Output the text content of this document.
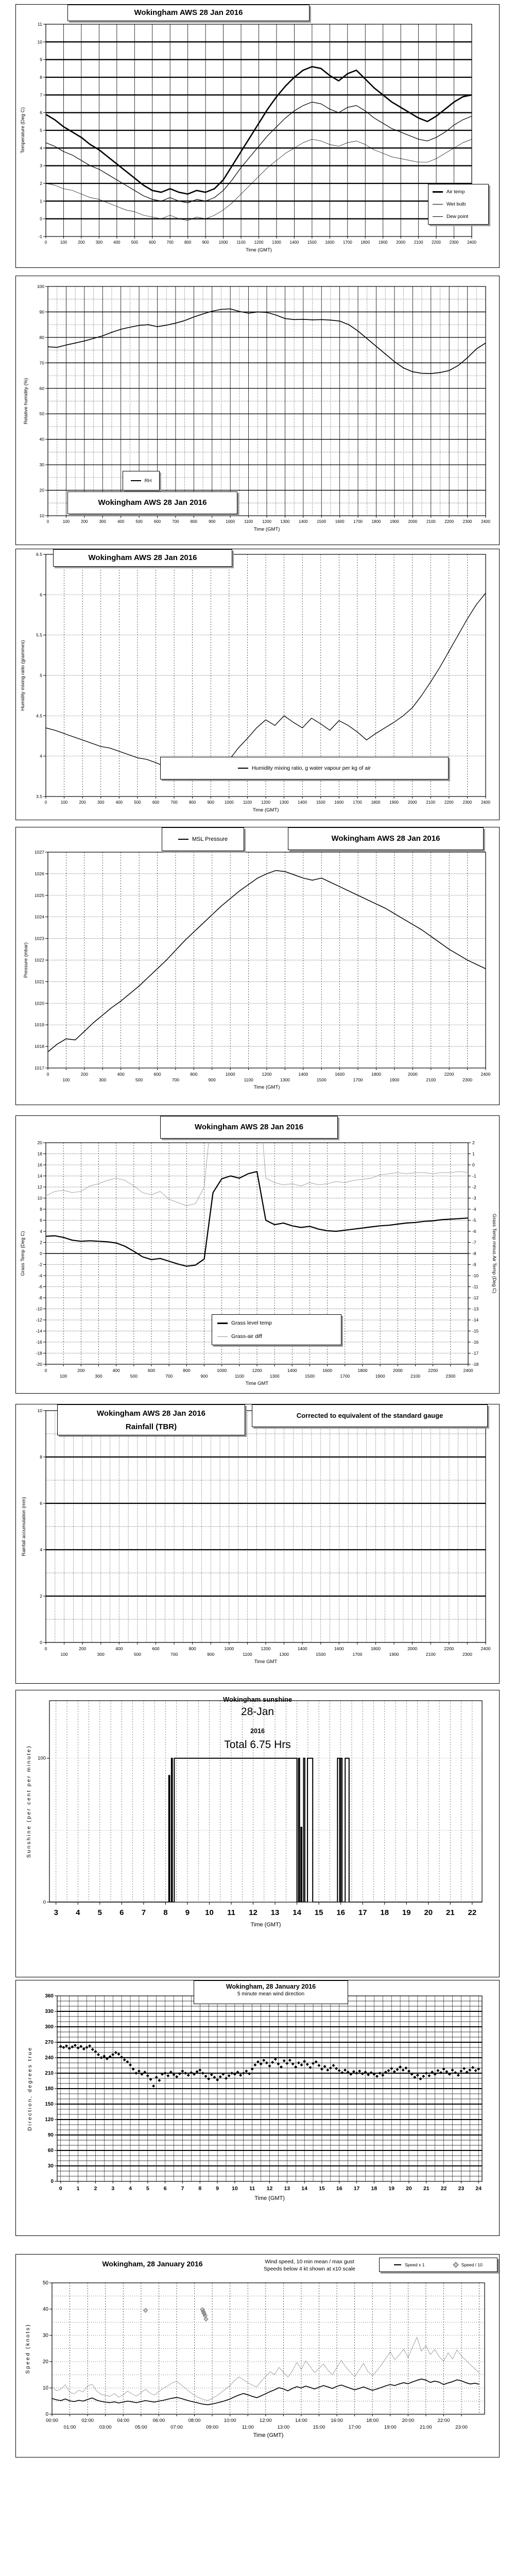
-1
0
1
2
3
4
5
6
7
8
9
10
11
0	100	200	300	400	500	600	700	800	900 1000 1100 1200 1300 1400 1500 1600 1700 1800 1900 2000 2100 2200 2300 2400
Time (GMT)
Temperature (Deg C)
Wokingham AWS 28 Jan 2016
Air temp
Wet bulb
Dew point
10
20
30
40
50
60
70
80
90
100
0	100	200	300	400	500	600	700	800	900 1000 1100 1200 1300 1400 1500 1600 1700 1800 1900 2000 2100 2200 2300 2400
Time (GMT)
Relative humidity (%)
RH
Wokingham AWS 28 Jan 2016
3.5
4
4.5
5
5.5
6
6.5
0	100	200	300	400	500	600	700	800	900	1000 1100 1200 1300 1400 1500 1600 1700 1800 1900 2000 2100 2200 2300 2400
Time (GMT)
Humidity mixing ratio (grammes)
Wokingham AWS 28 Jan 2016
Humidity mixing ratio, g water vapour per kg of air
1017
1018
1019
1020
1021
1022
1023
1024
1025
1026
1027
0
100
200
300
400
500
600
700
800
900
1000
1100
1200
1300
1400
1500
1600
1700
1800
1900
2000
2100
2200
2300
2400
Time (GMT)
Pressure (mbar)
MSL Pressure	Wokingham AWS 28 Jan 2016
-20
-18
-16
-14
-12
-10
-8
-6
-4
-2
0
2
4
6
8
10
12
14
16
18
20
-18
-17
-16
-15
-14
-13
-12
-11
-10
-9
-8
-7
-6
-5
-4
-3
-2
-1
0
1
2
0
100
200
300
400
500
600
700
800
900
1000
1100
1200
1300
1400
1500
1600
1700
1800
1900
2000
2100
2200
2300
2400
Time GMT
Grass Temp (Deg C)	Grass Temp minus Air Temp (Deg C)
Wokingham AWS 28 Jan 2016
Grass level temp
Grass-air diff
0
2
4
6
8
10
0
100
200
300
400
500
600
700
800
900
1000
1100
1200
1300
1400
1500
1600
1700
1800
1900
2000
2100
2200
2300
2400
Time GMT
Rainfall accumulation (mm)
Wokingham AWS 28 Jan 2016
Rainfall (TBR)
Corrected to equivalent of the standard gauge
0
100
3 4 5 6 7 8 9 10 11 12 13 14 15 16 17 18 19 20 21 22
Time (GMT)
Sunshine (per cent per minute)
Wokingham sunshine
28-Jan
2016
Total 6.75 Hrs
0
30
60
90
120
150
180
210
240
270
300
330
360
0	1	2	3	4	5	6	7	8	9 10 11 12 13 14 15 16 17 18 19 20 21 22 23 24
Time (GMT)
Direction, degrees true
Wokingham, 28 January 2016
5 minute mean wind direction
0
10
20
30
40
50
00:00
01:00
02:00
03:00
04:00
05:00
06:00
07:00
08:00
09:00
10:00
11:00
12:00
13:00
14:00
15:00
16:00
17:00
18:00
19:00
20:00
21:00
22:00
23:00
Time (GMT)
Speed (knots)
Wokingham, 28 January 2016	Wind speed, 10 min mean / max gust
Speeds below 4 kt shown at x10 scale
Speed x 1	Speed / 10
